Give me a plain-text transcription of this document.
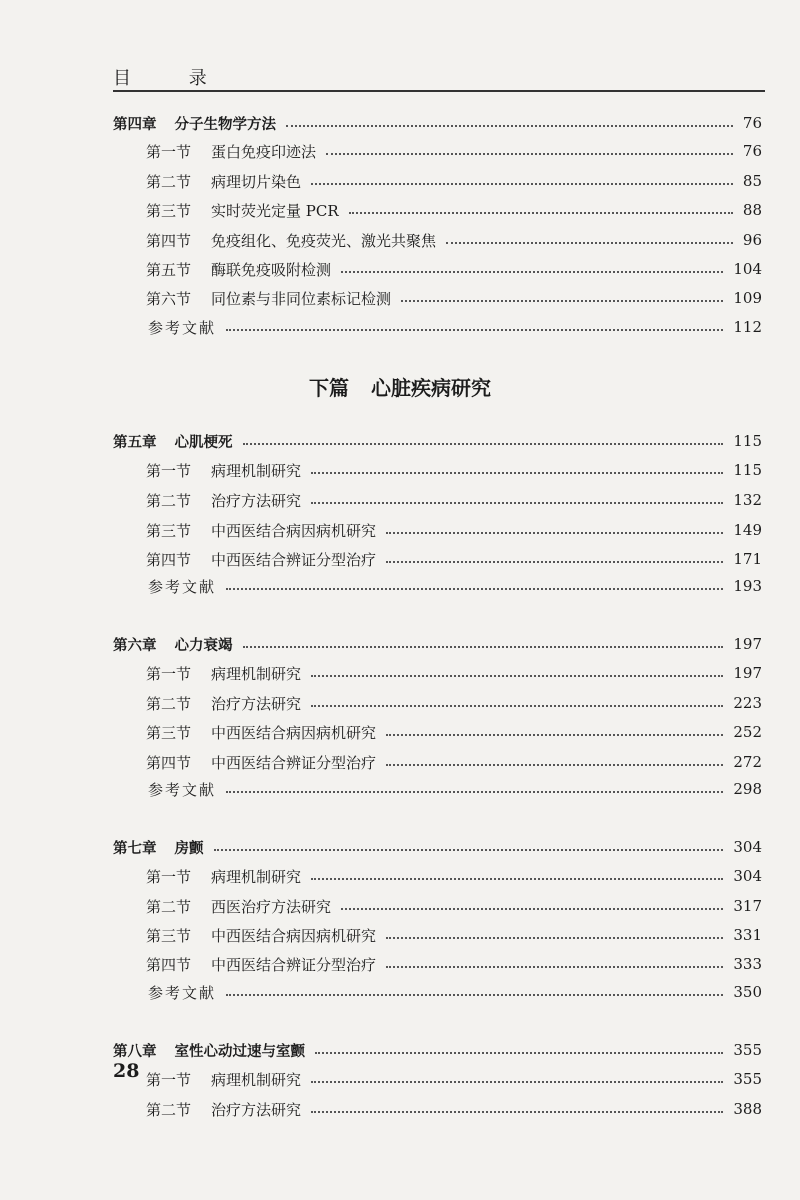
目 录
下篇 心脏疾病研究
第四章 分子生物学方法	76
第一节 蛋白免疫印迹法	76
第二节 病理切片染色	85
第三节 实时荧光定量 PCR	88
第四节 免疫组化、免疫荧光、激光共聚焦	96
第五节 酶联免疫吸附检测	104
第六节 同位素与非同位素标记检测	109
参考文献	112
第五章 心肌梗死	115
第一节 病理机制研究	115
第二节 治疗方法研究	132
第三节 中西医结合病因病机研究	149
第四节 中西医结合辨证分型治疗	171
参考文献	193
第六章 心力衰竭	197
第一节 病理机制研究	197
第二节 治疗方法研究	223
第三节 中西医结合病因病机研究	252
第四节 中西医结合辨证分型治疗	272
参考文献	298
第七章 房颤	304
第一节 病理机制研究	304
第二节 西医治疗方法研究	317
第三节 中西医结合病因病机研究	331
第四节 中西医结合辨证分型治疗	333
参考文献	350
第八章 室性心动过速与室颤	355
第一节 病理机制研究	355
第二节 治疗方法研究	388
28
